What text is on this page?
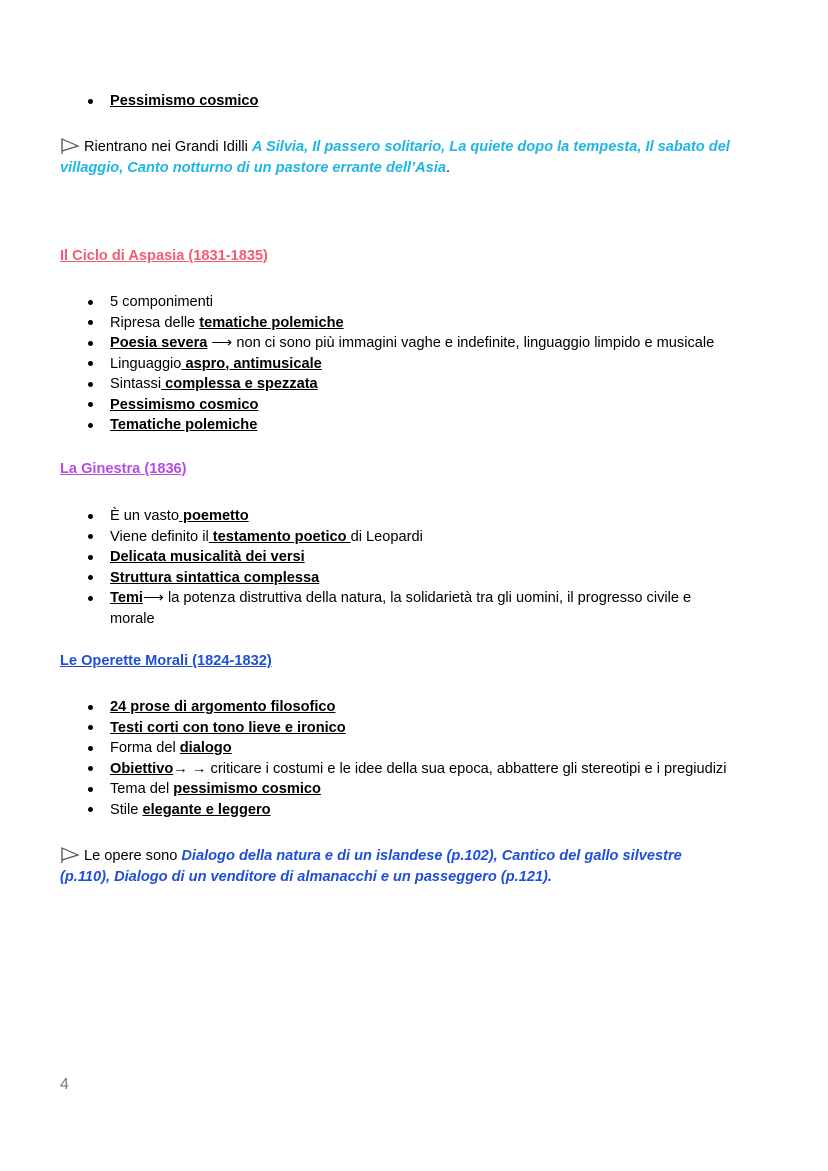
Pessimismo cosmico
Rientrano nei Grandi Idilli A Silvia, Il passero solitario, La quiete dopo la tempesta, Il sabato del
villaggio, Canto notturno di un pastore errante dell’Asia.
Il Ciclo di Aspasia (1831-1835)
5 componimenti
Ripresa delle tematiche polemiche
Poesia severa ⟶ non ci sono più immagini vaghe e indefinite, linguaggio limpido e musicale
Linguaggio aspro, antimusicale
Sintassi complessa e spezzata
Pessimismo cosmico
Tematiche polemiche
La Ginestra (1836)
È un vasto poemetto
Viene definito il testamento poetico di Leopardi
Delicata musicalità dei versi
Struttura sintattica complessa
Temi⟶ la potenza distruttiva della natura, la solidarietà tra gli uomini, il progresso civile e
morale
Le Operette Morali (1824-1832)
24 prose di argomento filosofico
Testi corti con tono lieve e ironico
Forma del dialogo
Obiettivo→ → criticare i costumi e le idee della sua epoca, abbattere gli stereotipi e i pregiudizi
Tema del pessimismo cosmico
Stile elegante e leggero
Le opere sono Dialogo della natura e di un islandese (p.102), Cantico del gallo silvestre
(p.110), Dialogo di un venditore di almanacchi e un passeggero (p.121).
4
